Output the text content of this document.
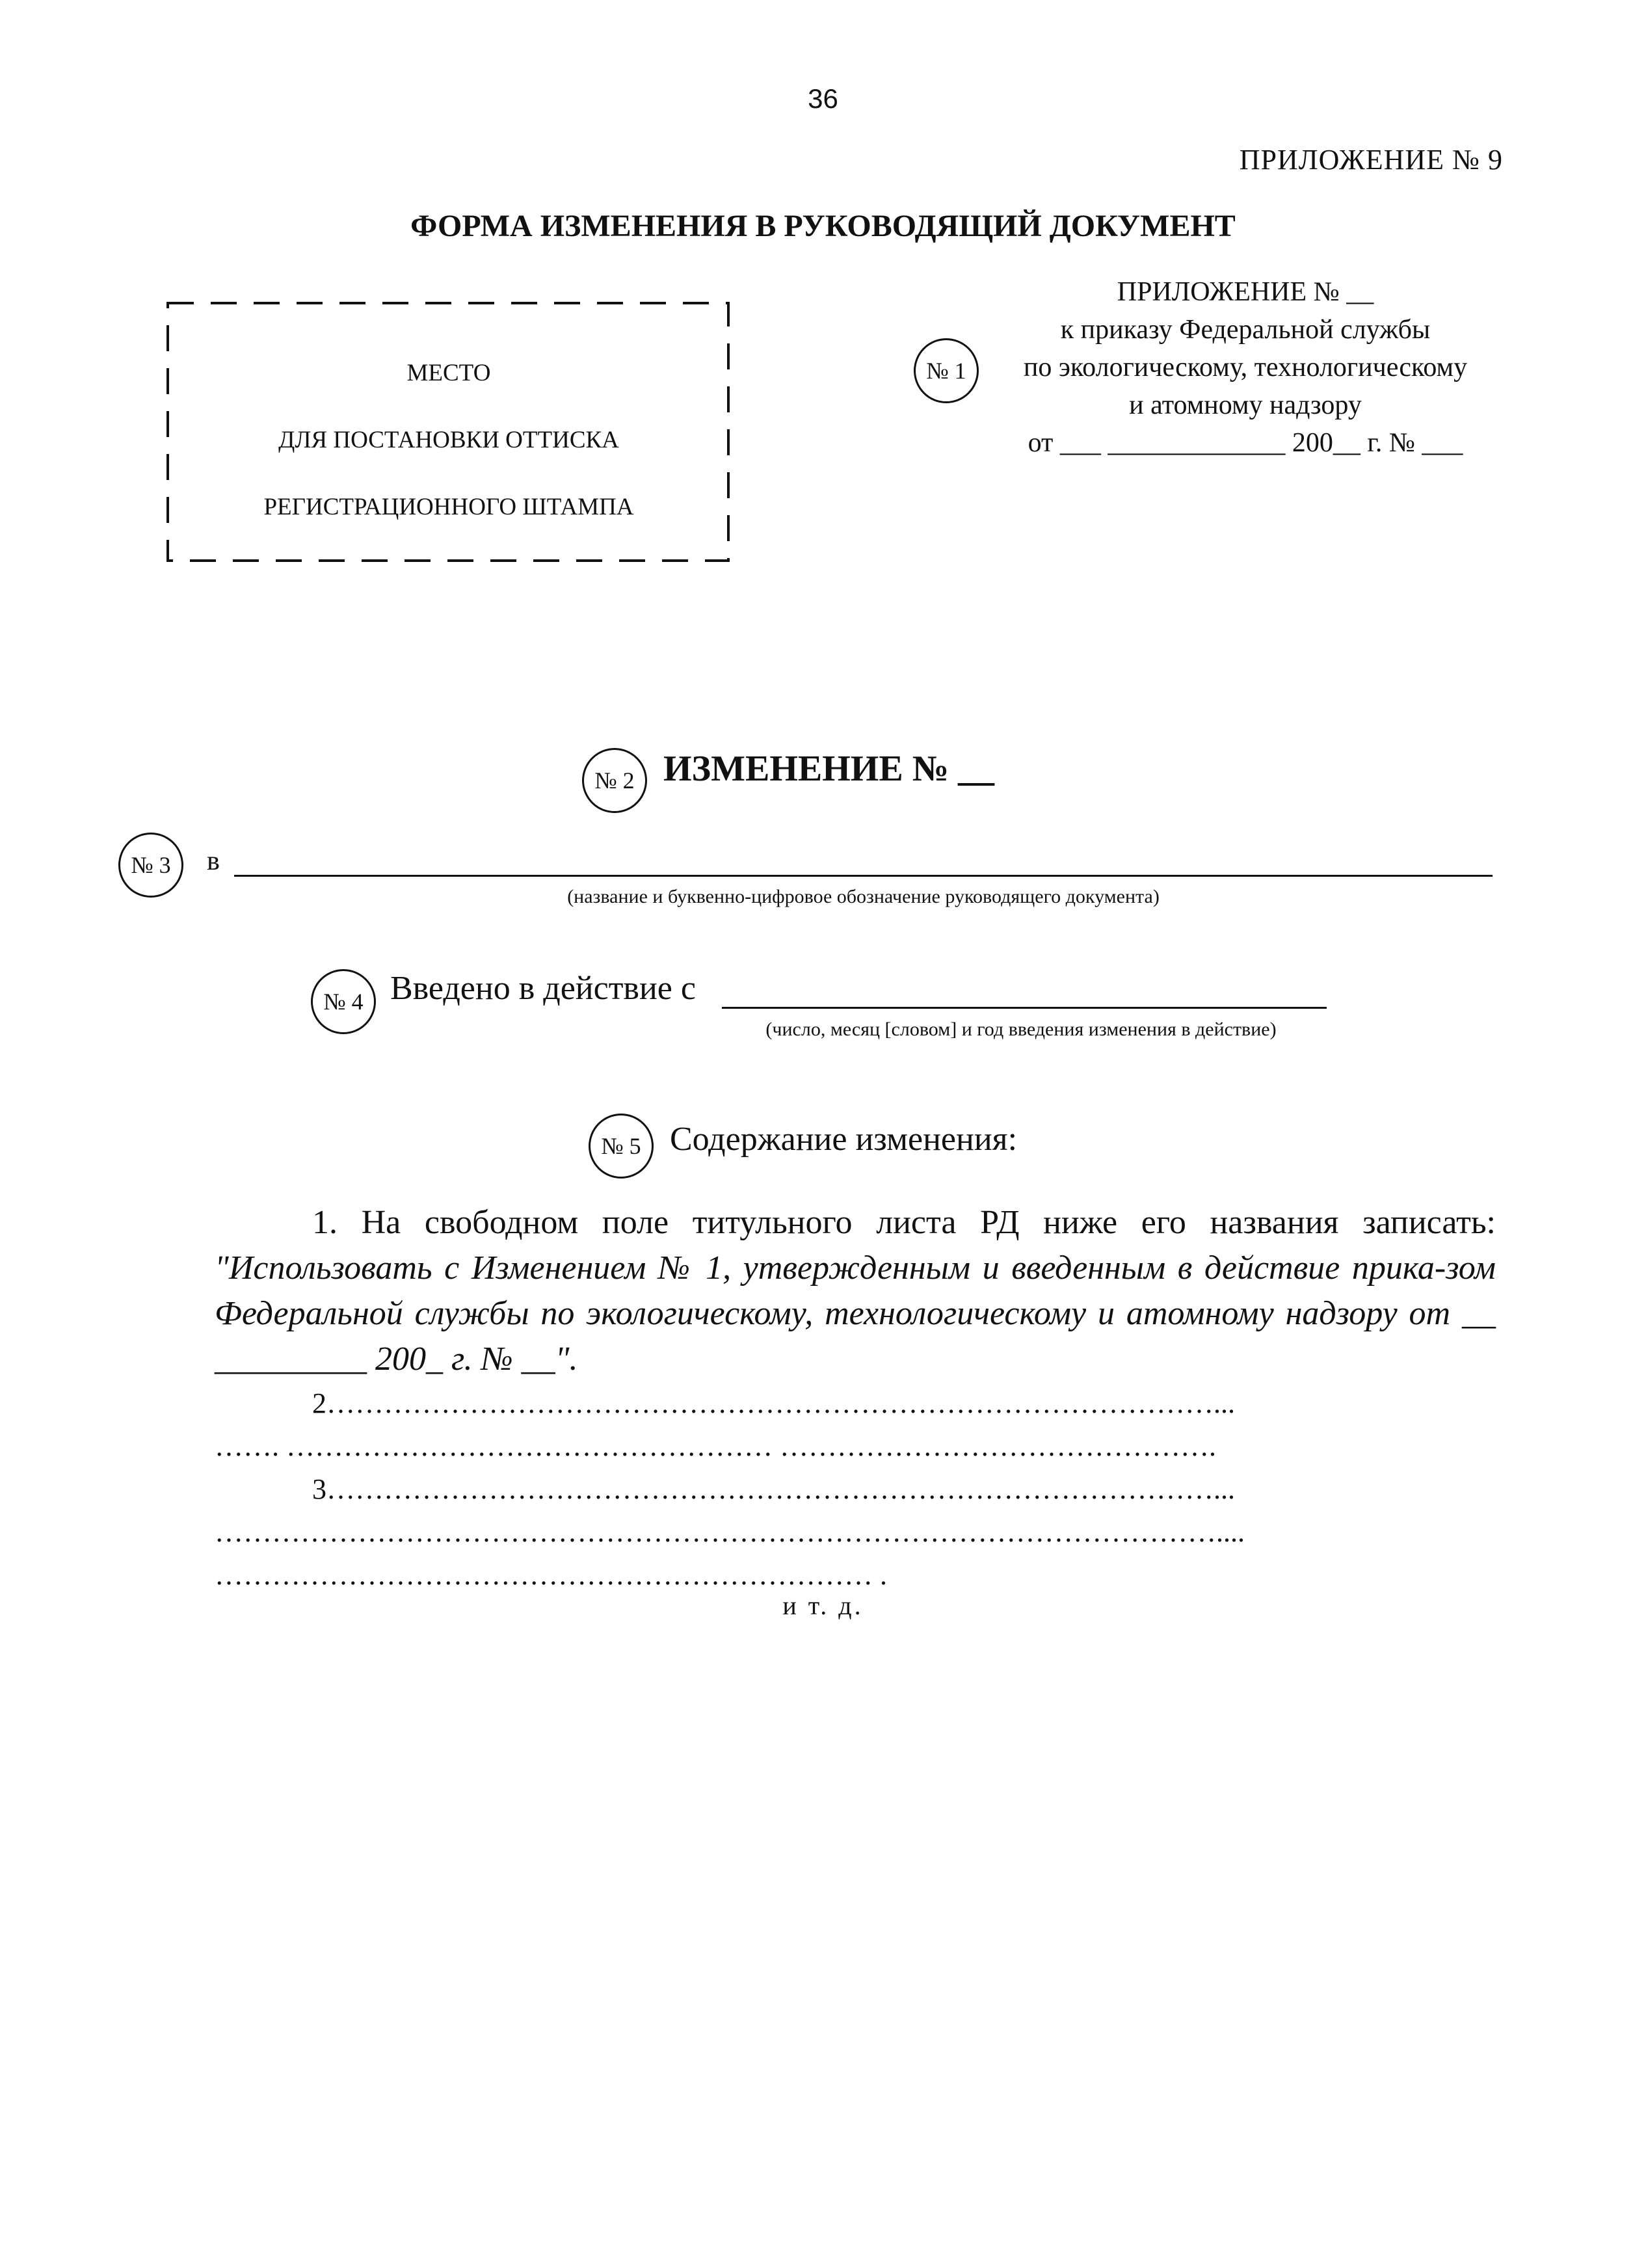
36
ПРИЛОЖЕНИЕ № 9
ФОРМА ИЗМЕНЕНИЯ В РУКОВОДЯЩИЙ ДОКУМЕНТ
МЕСТО
ДЛЯ ПОСТАНОВКИ ОТТИСКА
РЕГИСТРАЦИОННОГО ШТАМПА
№ 1
ПРИЛОЖЕНИЕ № __
к приказу Федеральной службы
по экологическому, технологическому
и атомному надзору
от ___ _____________ 200__ г. № ___
№ 2 ИЗМЕНЕНИЕ № __
№ 3	в
(название и буквенно-цифровое обозначение руководящего документа)
№ 4 Введено в действие с
(число, месяц [словом] и год введения изменения в действие)
№ 5 Содержание изменения:
1. На свободном поле титульного листа РД ниже его названия записать: "Использовать с Изменением № 1, утвержденным и введенным в действие прика-зом Федеральной службы по экологическому, технологическому и атомному надзору от __ _________ 200_ г. № __".
2…………………………………………………………………………………...
……. …………………………………………… ……………………………………….
3…………………………………………………………………………………...
……………………………………………………………………………………………....
…………………………………………………………… .
и т. д.
